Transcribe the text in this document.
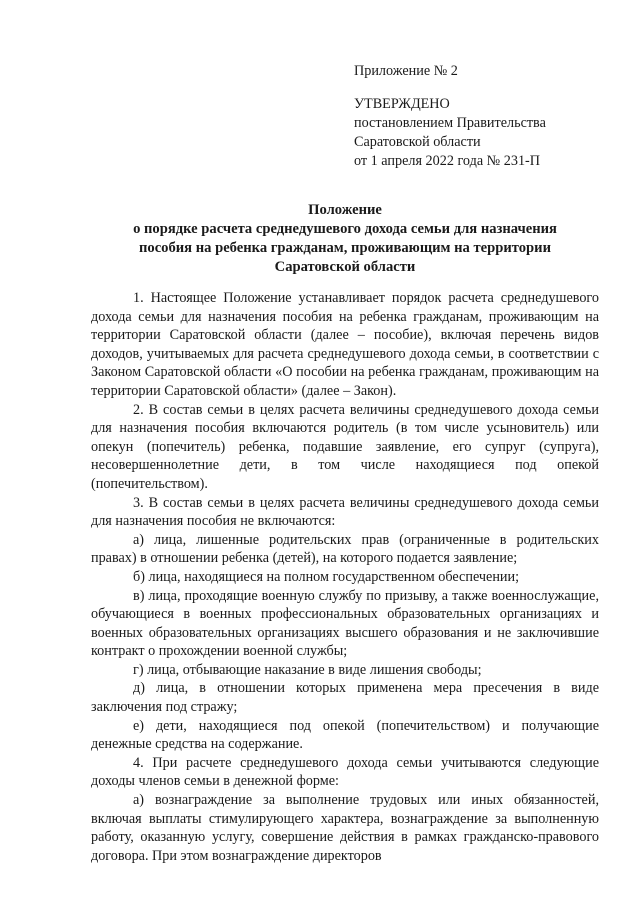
Приложение № 2
УТВЕРЖДЕНО
постановлением Правительства
Саратовской области
от 1 апреля 2022 года № 231-П
Положение
о порядке расчета среднедушевого дохода семьи для назначения
пособия на ребенка гражданам, проживающим на территории
Саратовской области

1. Настоящее Положение устанавливает порядок расчета среднедушевого дохода семьи для назначения пособия на ребенка гражданам, проживающим на территории Саратовской области (далее – пособие), включая перечень видов доходов, учитываемых для расчета среднедушевого дохода семьи, в соответствии с Законом Саратовской области «О пособии на ребенка гражданам, проживающим на территории Саратовской области» (далее – Закон).

2. В состав семьи в целях расчета величины среднедушевого дохода семьи для назначения пособия включаются родитель (в том числе усыновитель) или опекун (попечитель) ребенка, подавшие заявление, его супруг (супруга), несовершеннолетние дети, в том числе находящиеся под опекой (попечительством).

3. В состав семьи в целях расчета величины среднедушевого дохода семьи для назначения пособия не включаются:

а) лица, лишенные родительских прав (ограниченные в родительских правах) в отношении ребенка (детей), на которого подается заявление;

б) лица, находящиеся на полном государственном обеспечении;

в) лица, проходящие военную службу по призыву, а также военнослужащие, обучающиеся в военных профессиональных образовательных организациях и военных образовательных организациях высшего образования и не заключившие контракт о прохождении военной службы;

г) лица, отбывающие наказание в виде лишения свободы;

д) лица, в отношении которых применена мера пресечения в виде заключения под стражу;

е) дети, находящиеся под опекой (попечительством) и получающие денежные средства на содержание.

4. При расчете среднедушевого дохода семьи учитываются следующие доходы членов семьи в денежной форме:

а) вознаграждение за выполнение трудовых или иных обязанностей, включая выплаты стимулирующего характера, вознаграждение за выполненную работу, оказанную услугу, совершение действия в рамках гражданско-правового договора. При этом вознаграждение директоров
